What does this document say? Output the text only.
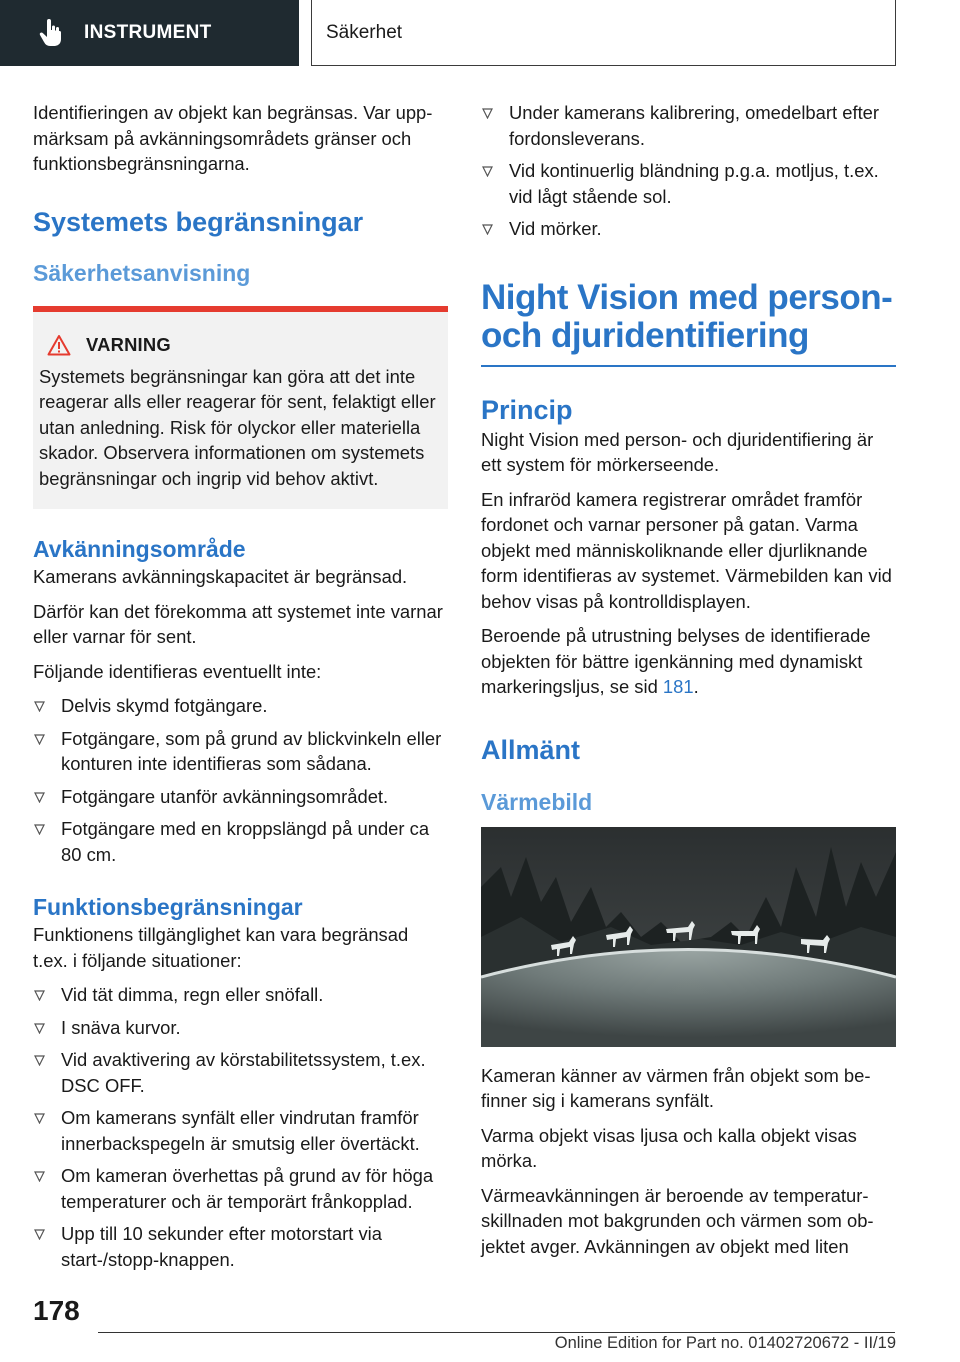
INSTRUMENT	Säkerhet

Identifieringen av objekt kan begränsas. Var uppmärksam på avkänningsområdets gränser och funktionsbegränsningarna.

Systemets begränsningar
Säkerhetsanvisning
VARNING

Systemets begränsningar kan göra att det inte reagerar alls eller reagerar för sent, felaktigt eller utan anledning. Risk för olyckor eller materiella skador. Observera informationen om systemets begränsningar och ingrip vid behov aktivt.

Avkänningsområde

Kamerans avkänningskapacitet är begränsad.

Därför kan det förekomma att systemet inte varnar eller varnar för sent.

Följande identifieras eventuellt inte:

Delvis skymd fotgängare.
Fotgängare, som på grund av blickvinkeln eller konturen inte identifieras som sådana.
Fotgängare utanför avkänningsområdet.
Fotgängare med en kroppslängd på under ca 80 cm.
Funktionsbegränsningar

Funktionens tillgänglighet kan vara begränsad t.ex. i följande situationer:

Vid tät dimma, regn eller snöfall.
I snäva kurvor.
Vid avaktivering av körstabilitetssystem, t.ex. DSC OFF.
Om kamerans synfält eller vindrutan framför innerbackspegeln är smutsig eller övertäckt.
Om kameran överhettas på grund av för höga temperaturer och är temporärt frånkopplad.
Upp till 10 sekunder efter motorstart via start-/stopp-knappen.
Under kamerans kalibrering, omedelbart efter fordonsleverans.
Vid kontinuerlig bländning p.g.a. motljus, t.ex. vid lågt stående sol.
Vid mörker.
Night Vision med personoch djuridentifiering
Princip

Night Vision med person- och djuridentifiering är ett system för mörkerseende.

En infraröd kamera registrerar området framför fordonet och varnar personer på gatan. Varma objekt med människoliknande eller djurliknande form identifieras av systemet. Värmebilden kan vid behov visas på kontrolldisplayen.

Beroende på utrustning belyses de identifierade objekten för bättre igenkänning med dynamiskt markeringsljus, se sid 181.

Allmänt
Värmebild

Kameran känner av värmen från objekt som befinner sig i kamerans synfält.

Varma objekt visas ljusa och kalla objekt visas mörka.

Värmeavkänningen är beroende av temperaturskillnaden mot bakgrunden och värmen som objektet avger. Avkänningen av objekt med liten

178
Online Edition for Part no. 01402720672 - II/19
